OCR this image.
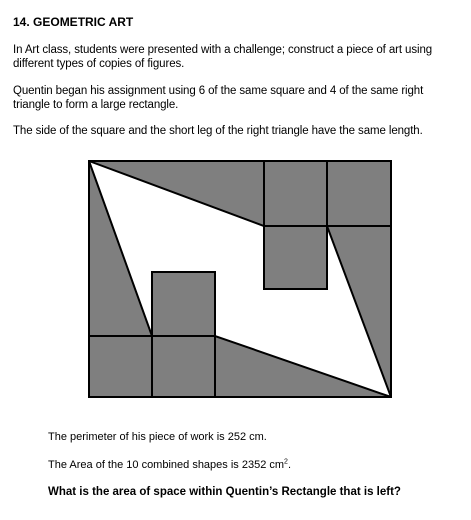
14. GEOMETRIC ART
In Art class, students were presented with a challenge; construct a piece of art using different types of copies of figures.
Quentin began his assignment using 6 of the same square and 4 of the same right triangle to form a large rectangle.
The side of the square and the short leg of the right triangle have the same length.
The perimeter of his piece of work is 252 cm.
The Area of the 10 combined shapes is 2352 $cm^2$.
What is the area of space within Quentin’s Rectangle that is left?
